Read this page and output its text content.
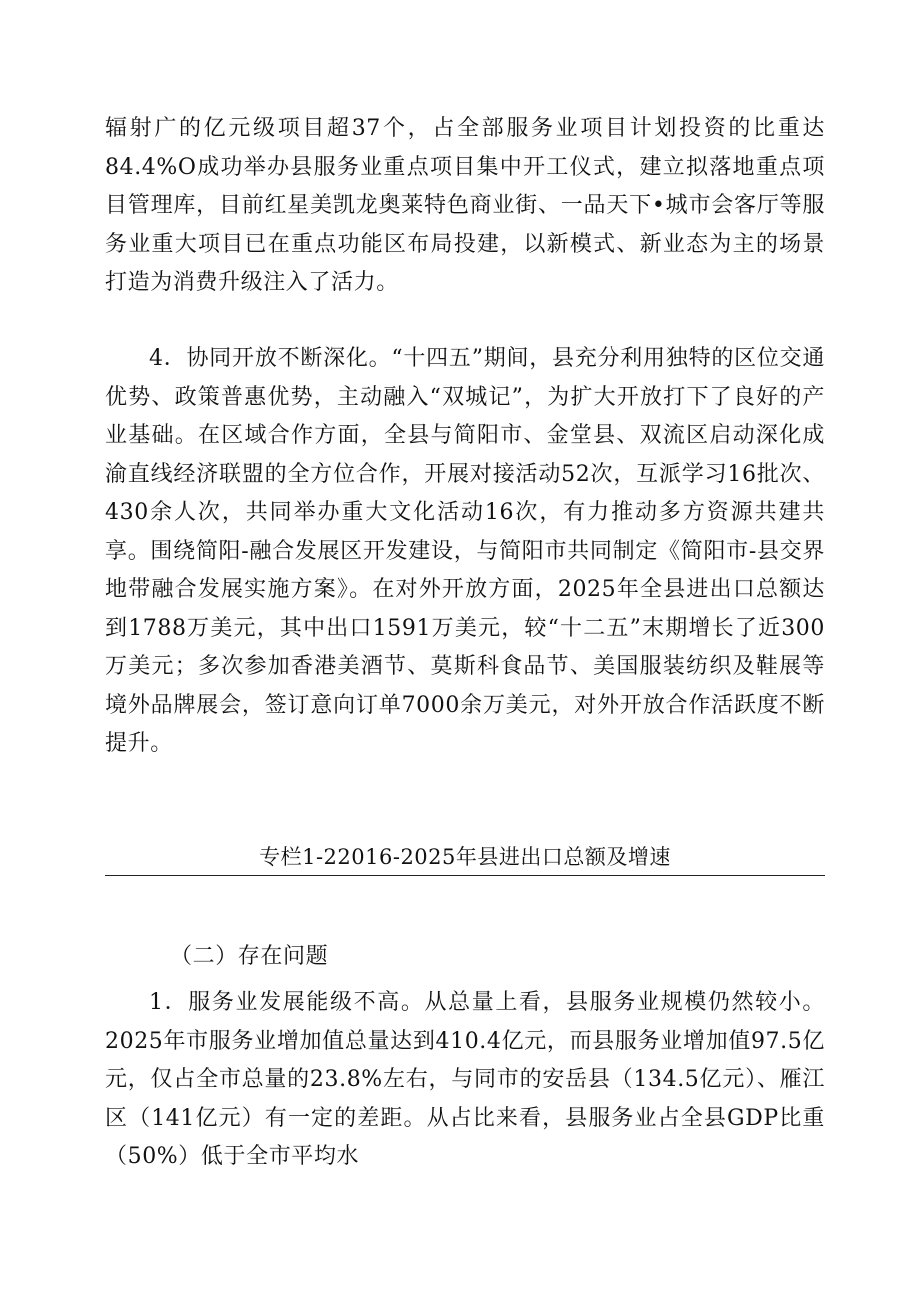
辐射广的亿元级项目超37个，占全部服务业项目计划投资的比重达84.4%O成功举办县服务业重点项目集中开工仪式，建立拟落地重点项目管理库，目前红星美凯龙奥莱特色商业街、一品天下•城市会客厅等服务业重大项目已在重点功能区布局投建，以新模式、新业态为主的场景打造为消费升级注入了活力。

4．协同开放不断深化。“十四五”期间，县充分利用独特的区位交通优势、政策普惠优势，主动融入“双城记”，为扩大开放打下了良好的产业基础。在区域合作方面，全县与简阳市、金堂县、双流区启动深化成渝直线经济联盟的全方位合作，开展对接活动52次，互派学习16批次、430余人次，共同举办重大文化活动16次，有力推动多方资源共建共享。围绕简阳-融合发展区开发建设，与简阳市共同制定《简阳市-县交界地带融合发展实施方案》。在对外开放方面，2025年全县进出口总额达到1788万美元，其中出口1591万美元，较“十二五”末期增长了近300万美元；多次参加香港美酒节、莫斯科食品节、美国服装纺织及鞋展等境外品牌展会，签订意向订单7000余万美元，对外开放合作活跃度不断提升。

专栏1-22016-2025年县进出口总额及增速
（二）存在问题

1．服务业发展能级不高。从总量上看，县服务业规模仍然较小。2025年市服务业增加值总量达到410.4亿元，而县服务业增加值97.5亿元，仅占全市总量的23.8%左右，与同市的安岳县（134.5亿元）、雁江区（141亿元）有一定的差距。从占比来看，县服务业占全县GDP比重（50%）低于全市平均水
